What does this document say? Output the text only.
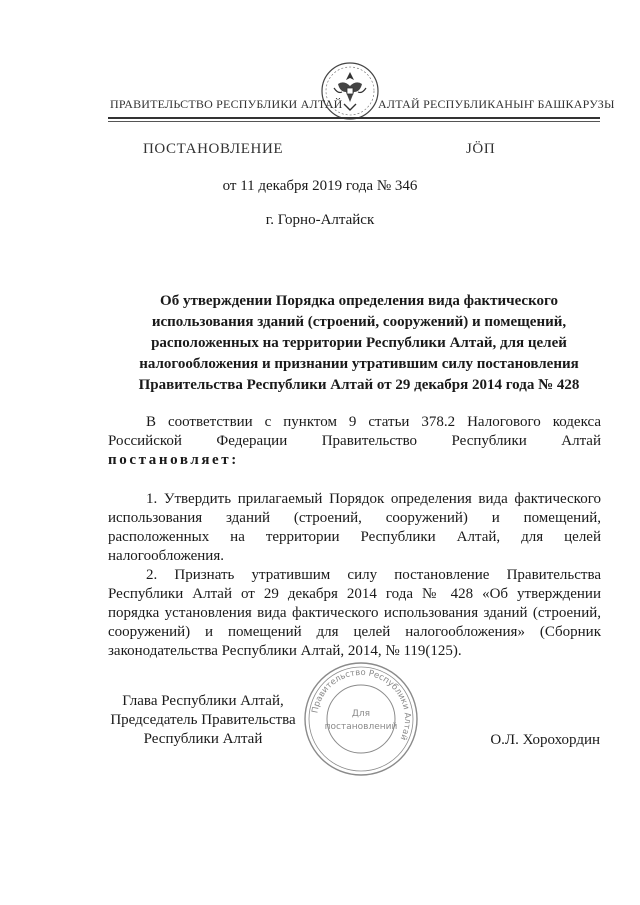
ПРАВИТЕЛЬСТВО РЕСПУБЛИКИ АЛТАЙ	АЛТАЙ РЕСПУБЛИКАНЫҤ БАШКАРУЗЫ
ПОСТАНОВЛЕНИЕ	ЈӦП
от 11 декабря 2019 года № 346
г. Горно-Алтайск
Об утверждении Порядка определения вида фактического
использования зданий (строений, сооружений) и помещений,
расположенных на территории Республики Алтай, для целей
налогообложения и признании утратившим силу постановления
Правительства Республики Алтай от 29 декабря 2014 года № 428
В соответствии с пунктом 9 статьи 378.2 Налогового кодекса
Российской Федерации Правительство Республики Алтай
постановляет:
1. Утвердить прилагаемый Порядок определения вида фактического
использования зданий (строений, сооружений) и помещений,
расположенных на территории Республики Алтай, для целей
налогообложения.
2. Признать утратившим силу постановление Правительства
Республики Алтай от 29 декабря 2014 года № 428 «Об утверждении
порядка установления вида фактического использования зданий (строений,
сооружений) и помещений для целей налогообложения» (Сборник
законодательства Республики Алтай, 2014, № 119(125).
Правительство Республики Алтай
Для
постановлений
Глава Республики Алтай,
Председатель Правительства
Республики Алтай	О.Л. Хорохордин
